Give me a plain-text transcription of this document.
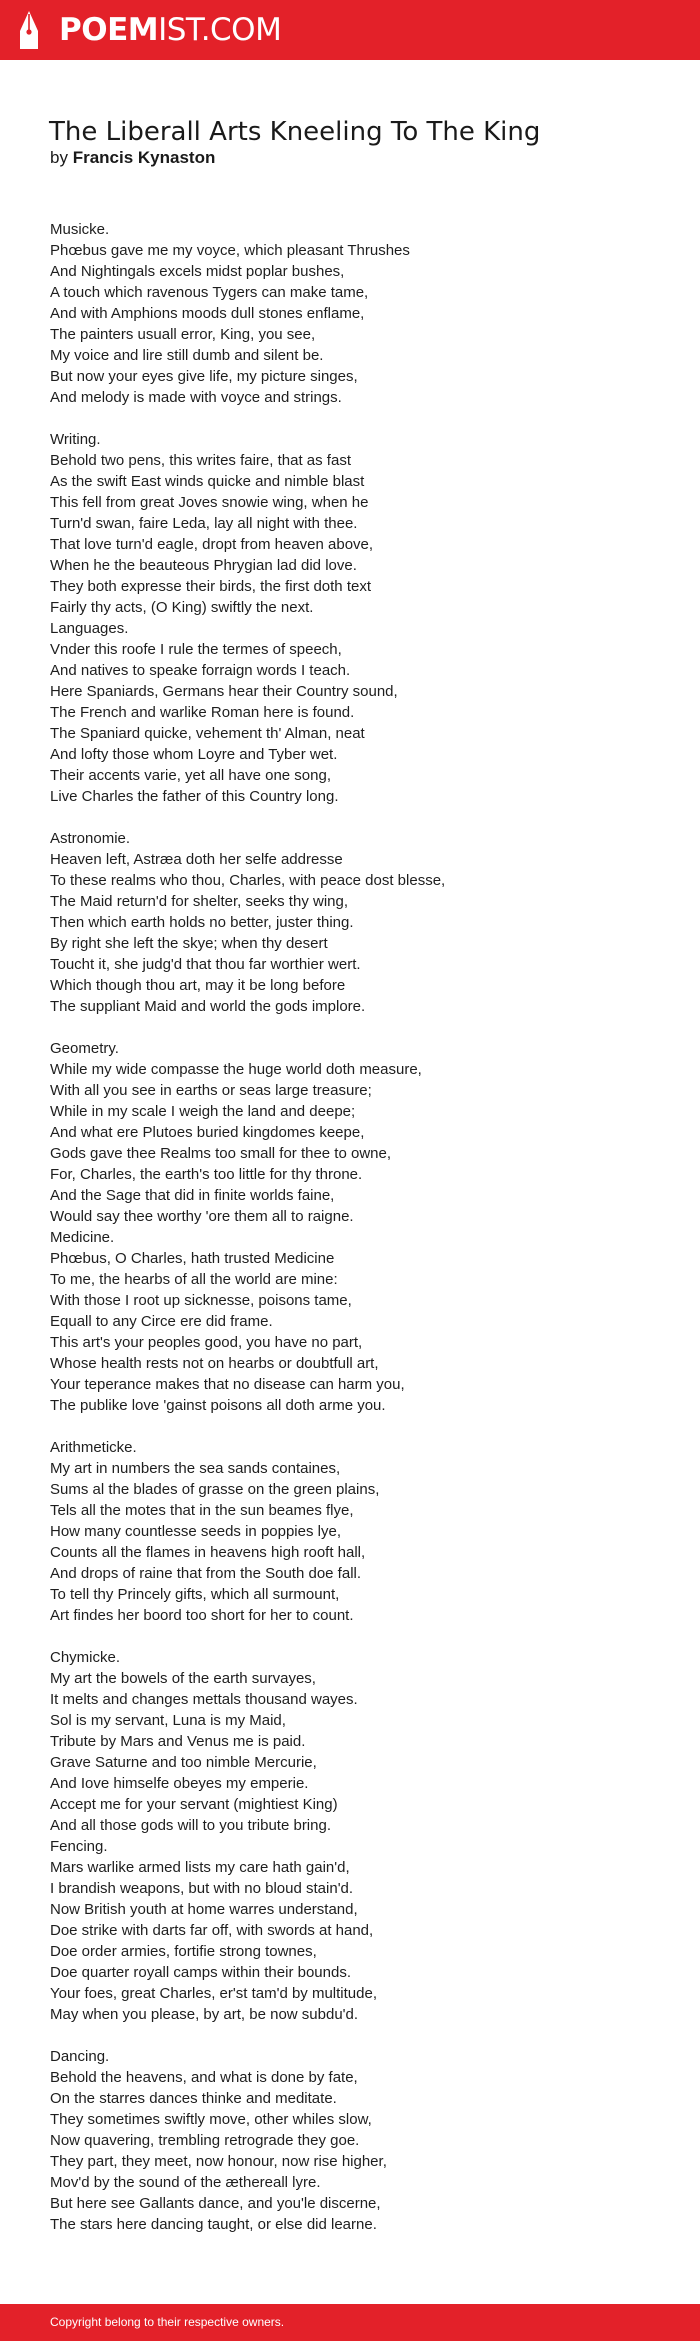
POEMIST.COM
The Liberall Arts Kneeling To The King
by Francis Kynaston
Musicke.
Phœbus gave me my voyce, which pleasant Thrushes
And Nightingals excels midst poplar bushes,
A touch which ravenous Tygers can make tame,
And with Amphions moods dull stones enflame,
The painters usuall error, King, you see,
My voice and lire still dumb and silent be.
But now your eyes give life, my picture singes,
And melody is made with voyce and strings.
Writing.
Behold two pens, this writes faire, that as fast
As the swift East winds quicke and nimble blast
This fell from great Joves snowie wing, when he
Turn'd swan, faire Leda, lay all night with thee.
That love turn'd eagle, dropt from heaven above,
When he the beauteous Phrygian lad did love.
They both expresse their birds, the first doth text
Fairly thy acts, (O King) swiftly the next.
Languages.
Vnder this roofe I rule the termes of speech,
And natives to speake forraign words I teach.
Here Spaniards, Germans hear their Country sound,
The French and warlike Roman here is found.
The Spaniard quicke, vehement th' Alman, neat
And lofty those whom Loyre and Tyber wet.
Their accents varie, yet all have one song,
Live Charles the father of this Country long.
Astronomie.
Heaven left, Astræa doth her selfe addresse
To these realms who thou, Charles, with peace dost blesse,
The Maid return'd for shelter, seeks thy wing,
Then which earth holds no better, juster thing.
By right she left the skye; when thy desert
Toucht it, she judg'd that thou far worthier wert.
Which though thou art, may it be long before
The suppliant Maid and world the gods implore.
Geometry.
While my wide compasse the huge world doth measure,
With all you see in earths or seas large treasure;
While in my scale I weigh the land and deepe;
And what ere Plutoes buried kingdomes keepe,
Gods gave thee Realms too small for thee to owne,
For, Charles, the earth's too little for thy throne.
And the Sage that did in finite worlds faine,
Would say thee worthy 'ore them all to raigne.
Medicine.
Phœbus, O Charles, hath trusted Medicine
To me, the hearbs of all the world are mine:
With those I root up sicknesse, poisons tame,
Equall to any Circe ere did frame.
This art's your peoples good, you have no part,
Whose health rests not on hearbs or doubtfull art,
Your teperance makes that no disease can harm you,
The publike love 'gainst poisons all doth arme you.
Arithmeticke.
My art in numbers the sea sands containes,
Sums al the blades of grasse on the green plains,
Tels all the motes that in the sun beames flye,
How many countlesse seeds in poppies lye,
Counts all the flames in heavens high rooft hall,
And drops of raine that from the South doe fall.
To tell thy Princely gifts, which all surmount,
Art findes her boord too short for her to count.
Chymicke.
My art the bowels of the earth survayes,
It melts and changes mettals thousand wayes.
Sol is my servant, Luna is my Maid,
Tribute by Mars and Venus me is paid.
Grave Saturne and too nimble Mercurie,
And Iove himselfe obeyes my emperie.
Accept me for your servant (mightiest King)
And all those gods will to you tribute bring.
Fencing.
Mars warlike armed lists my care hath gain'd,
I brandish weapons, but with no bloud stain'd.
Now British youth at home warres understand,
Doe strike with darts far off, with swords at hand,
Doe order armies, fortifie strong townes,
Doe quarter royall camps within their bounds.
Your foes, great Charles, er'st tam'd by multitude,
May when you please, by art, be now subdu'd.
Dancing.
Behold the heavens, and what is done by fate,
On the starres dances thinke and meditate.
They sometimes swiftly move, other whiles slow,
Now quavering, trembling retrograde they goe.
They part, they meet, now honour, now rise higher,
Mov'd by the sound of the æthereall lyre.
But here see Gallants dance, and you'le discerne,
The stars here dancing taught, or else did learne.
Copyright belong to their respective owners.
